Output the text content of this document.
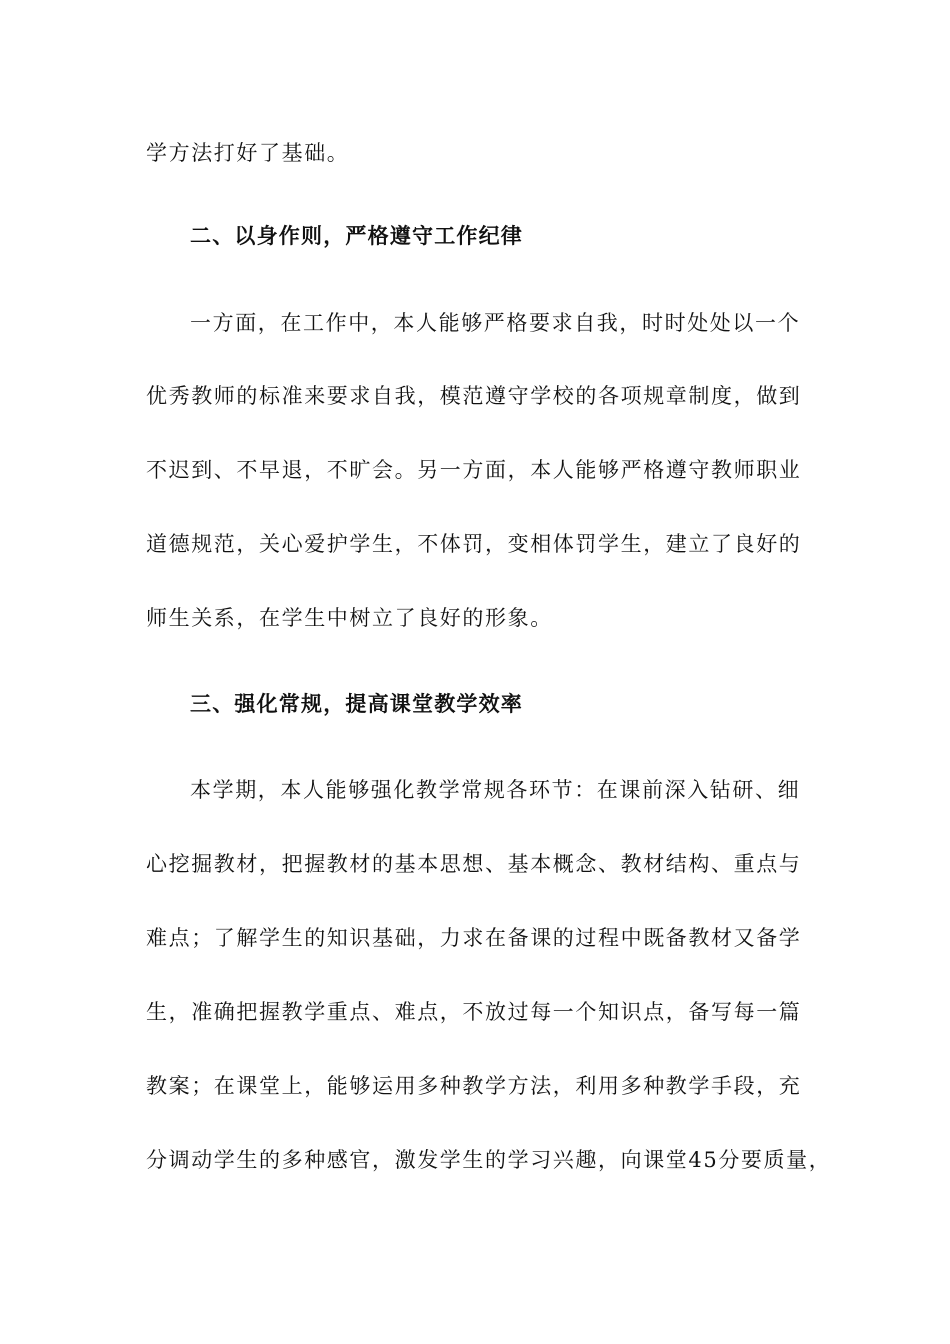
学方法打好了基础。
二、以身作则，严格遵守工作纪律
一方面，在工作中，本人能够严格要求自我，时时处处以一个
优秀教师的标准来要求自我，模范遵守学校的各项规章制度，做到
不迟到、不早退，不旷会。另一方面，本人能够严格遵守教师职业
道德规范，关心爱护学生，不体罚，变相体罚学生，建立了良好的
师生关系，在学生中树立了良好的形象。
三、强化常规，提高课堂教学效率
本学期，本人能够强化教学常规各环节：在课前深入钻研、细
心挖掘教材，把握教材的基本思想、基本概念、教材结构、重点与
难点；了解学生的知识基础，力求在备课的过程中既备教材又备学
生，准确把握教学重点、难点，不放过每一个知识点，备写每一篇
教案；在课堂上，能够运用多种教学方法，利用多种教学手段，充
分调动学生的多种感官，激发学生的学习兴趣，向课堂45分要质量，
